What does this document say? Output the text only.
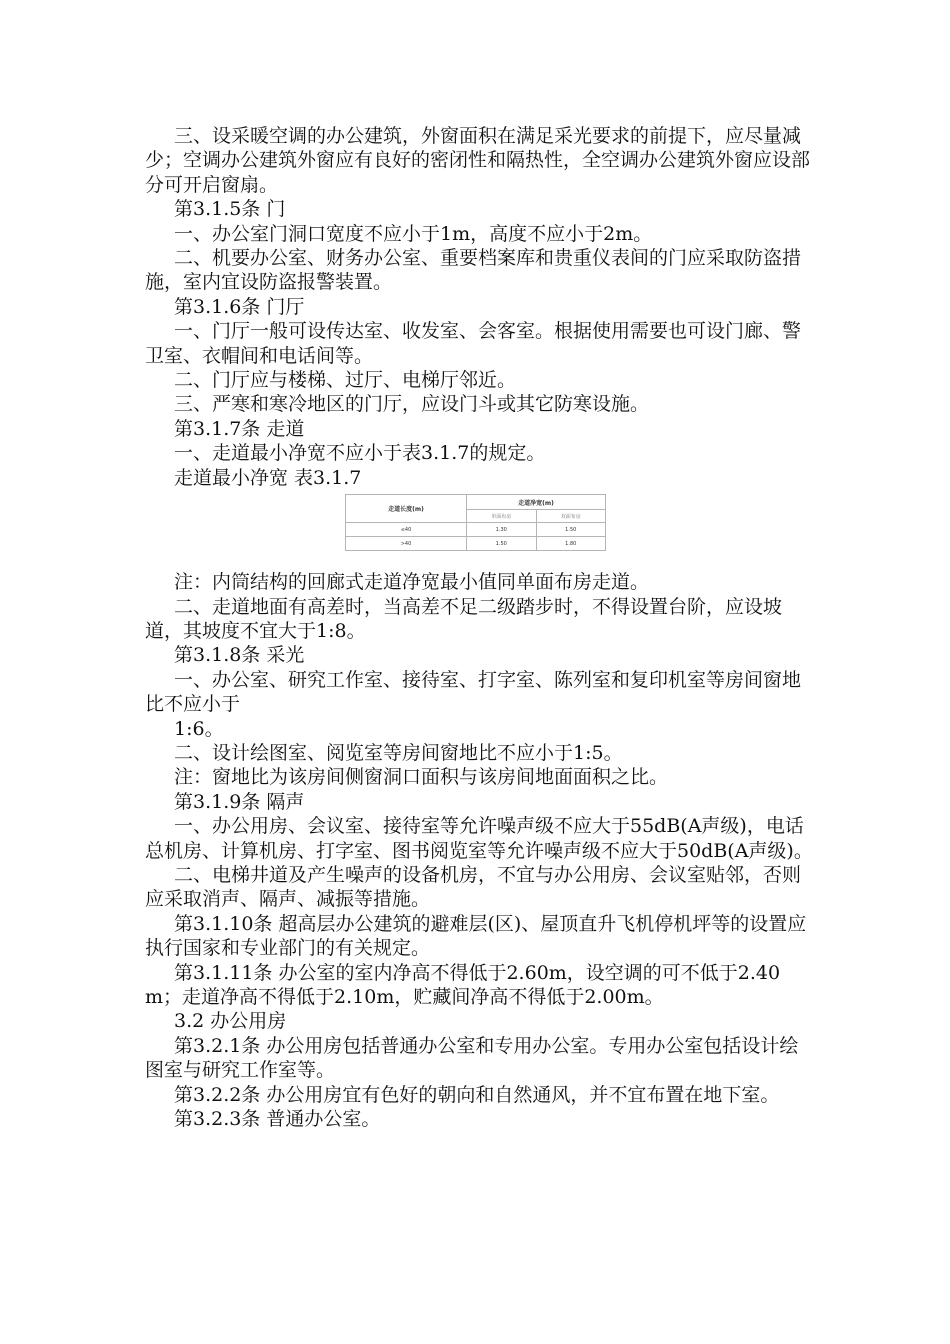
三、设采暖空调的办公建筑，外窗面积在满足采光要求的前提下，应尽量减少；空调办公建筑外窗应有良好的密闭性和隔热性，全空调办公建筑外窗应设部分可开启窗扇。

第3.1.5条 门

一、办公室门洞口宽度不应小于1m，高度不应小于2m。

二、机要办公室、财务办公室、重要档案库和贵重仪表间的门应采取防盗措施，室内宜设防盗报警装置。

第3.1.6条 门厅

一、门厅一般可设传达室、收发室、会客室。根据使用需要也可设门廊、警卫室、衣帽间和电话间等。

二、门厅应与楼梯、过厅、电梯厅邻近。

三、严寒和寒冷地区的门厅，应设门斗或其它防寒设施。

第3.1.7条 走道

一、走道最小净宽不应小于表3.1.7的规定。

走道最小净宽 表3.1.7

走道长度(m)	走道净宽(m)	
	单面布房	双面布房
≤40	1.30	1.50
>40	1.50	1.80

注：内筒结构的回廊式走道净宽最小值同单面布房走道。

二、走道地面有高差时，当高差不足二级踏步时，不得设置台阶，应设坡道，其坡度不宜大于1:8。

第3.1.8条 采光

一、办公室、研究工作室、接待室、打字室、陈列室和复印机室等房间窗地比不应小于

1:6。

二、设计绘图室、阅览室等房间窗地比不应小于1:5。

注：窗地比为该房间侧窗洞口面积与该房间地面面积之比。

第3.1.9条 隔声

一、办公用房、会议室、接待室等允许噪声级不应大于55dB(A声级)，电话总机房、计算机房、打字室、图书阅览室等允许噪声级不应大于50dB(A声级)。

二、电梯井道及产生噪声的设备机房，不宜与办公用房、会议室贴邻，否则应采取消声、隔声、减振等措施。

第3.1.10条 超高层办公建筑的避难层(区)、屋顶直升飞机停机坪等的设置应执行国家和专业部门的有关规定。

第3.1.11条 办公室的室内净高不得低于2.60m，设空调的可不低于2.40m；走道净高不得低于2.10m，贮藏间净高不得低于2.00m。

3.2 办公用房

第3.2.1条 办公用房包括普通办公室和专用办公室。专用办公室包括设计绘图室与研究工作室等。

第3.2.2条 办公用房宜有色好的朝向和自然通风，并不宜布置在地下室。

第3.2.3条 普通办公室。
